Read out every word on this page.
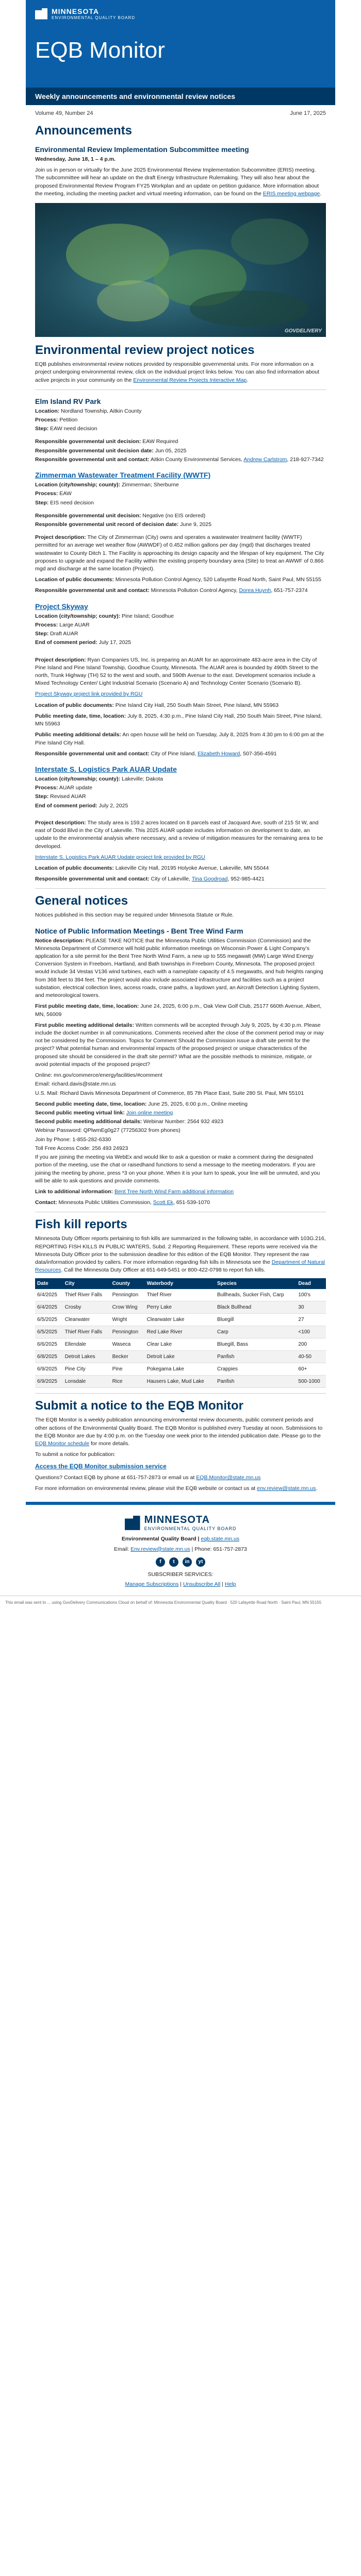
MINNESOTA
ENVIRONMENTAL QUALITY BOARD
EQB Monitor
Weekly announcements and environmental review notices
Volume 49, Number 24	June 17, 2025
Announcements
Environmental Review Implementation Subcommittee meeting

Wednesday, June 18, 1 – 4 p.m.

Join us in person or virtually for the June 2025 Environmental Review Implementation Subcommittee (ERIS) meeting. The subcommittee will hear an update on the draft Energy Infrastructure Rulemaking. They will also hear about the proposed Environmental Review Program FY25 Workplan and an update on petition guidance. More information about the meeting, including the meeting packet and virtual meeting information, can be found on the ERIS meeting webpage.

GOVDELIVERY
Environmental review project notices

EQB publishes environmental review notices provided by responsible governmental units. For more information on a project undergoing environmental review, click on the individual project links below. You can also find information about active projects in your community on the Environmental Review Projects Interactive Map.

Elm Island RV Park
Location: Nordland Township, Aitkin County
Process: Petition
Step: EAW need decision
Responsible governmental unit decision: EAW Required
Responsible governmental unit decision date: Jun 05, 2025
Responsible governmental unit and contact: Aitkin County Environmental Services, Andrew Carlstrom, 218-927-7342
Zimmerman Wastewater Treatment Facility (WWTF)
Location (city/township; county): Zimmerman; Sherburne
Process: EAW
Step: EIS need decision
Responsible governmental unit decision: Negative (no EIS ordered)
Responsible governmental unit record of decision date: June 9, 2025

Project description: The City of Zimmerman (City) owns and operates a wastewater treatment facility (WWTF) permitted for an average wet weather flow (AWWDF) of 0.452 million gallons per day (mgd) that discharges treated wastewater to County Ditch 1. The Facility is approaching its design capacity and the lifespan of key equipment. The City proposes to upgrade and expand the Facility within the existing property boundary area (Site) to treat an AWWF of 0.866 mgd and discharge at the same location (Project).

Location of public documents: Minnesota Pollution Control Agency, 520 Lafayette Road North, Saint Paul, MN 55155
Responsible governmental unit and contact: Minnesota Pollution Control Agency, Dorea Huynh, 651-757-2374
Project Skyway
Location (city/township; county): Pine Island; Goodhue
Process: Large AUAR
Step: Draft AUAR
End of comment period: July 17, 2025

Project description: Ryan Companies US, Inc. is preparing an AUAR for an approximate 483-acre area in the City of Pine Island and Pine Island Township, Goodhue County, Minnesota. The AUAR area is bounded by 490th Street to the north, Trunk Highway (TH) 52 to the west and south, and 590th Avenue to the east. Development scenarios include a Mixed Technology Center/ Light Industrial Scenario (Scenario A) and Technology Center Scenario (Scenario B).

Project Skyway project link provided by RGU

Location of public documents: Pine Island City Hall, 250 South Main Street, Pine Island, MN 55963
Public meeting date, time, location: July 8, 2025, 4:30 p.m., Pine Island City Hall, 250 South Main Street, Pine Island, MN 55963
Public meeting additional details: An open house will be held on Tuesday, July 8, 2025 from 4:30 pm to 6:00 pm at the Pine Island City Hall.
Responsible governmental unit and contact: City of Pine Island, Elizabeth Howard, 507-356-4591
Interstate S. Logistics Park AUAR Update
Location (city/township; county): Lakeville; Dakota
Process: AUAR update
Step: Revised AUAR
End of comment period: July 2, 2025

Project description: The study area is 159.2 acres located on 8 parcels east of Jacquard Ave, south of 215 St W, and east of Dodd Blvd in the City of Lakeville. This 2025 AUAR update includes information on development to date, an update to the environmental analysis where necessary, and a review of mitigation measures for the remaining area to be developed.

Interstate S. Logistics Park AUAR Update project link provided by RGU

Location of public documents: Lakeville City Hall, 20195 Holyoke Avenue, Lakeville, MN 55044
Responsible governmental unit and contact: City of Lakeville, Tina Goodroad, 952-985-4421
General notices

Notices published in this section may be required under Minnesota Statute or Rule.

Notice of Public Information Meetings - Bent Tree Wind Farm

Notice description: PLEASE TAKE NOTICE that the Minnesota Public Utilities Commission (Commission) and the Minnesota Department of Commerce will hold public information meetings on Wisconsin Power & Light Company’s application for a site permit for the Bent Tree North Wind Farm, a new up to 555 megawatt (MW) Large Wind Energy Conversion System in Freeborn, Hartland, and Bath townships in Freeborn County, Minnesota. The proposed project would include 34 Vestas V136 wind turbines, each with a nameplate capacity of 4.5 megawatts, and hub heights ranging from 368 feet to 394 feet. The project would also include associated infrastructure and facilities such as a project substation, electrical collection lines, access roads, crane paths, a laydown yard, an Aircraft Detection Lighting System, and meteorological towers.

First public meeting date, time, location: June 24, 2025, 6:00 p.m., Oak View Golf Club, 25177 660th Avenue, Albert, MN, 56009

First public meeting additional details: Written comments will be accepted through July 9, 2025, by 4:30 p.m. Please include the docket number in all communications. Comments received after the close of the comment period may or may not be considered by the Commission. Topics for Comment Should the Commission issue a draft site permit for the project? What potential human and environmental impacts of the proposed project or unique characteristics of the proposed site should be considered in the draft site permit? What are the possible methods to minimize, mitigate, or avoid potential impacts of the proposed project?

Online: mn.gov/commerce/energyfacilities/#comment
Email: richard.davis@state.mn.us

U.S. Mail: Richard Davis Minnesota Department of Commerce, 85 7th Place East, Suite 280 St. Paul, MN 55101

Second public meeting date, time, location: June 25, 2025, 6:00 p.m., Online meeting
Second public meeting virtual link: Join online meeting
Second public meeting additional details: Webinar Number: 2564 932 4923
Webinar Password: QPlwmEg0g27 (77256302 from phones)
Join by Phone: 1-855-282-6330
Toll Free Access Code: 256 493 24923

If you are joining the meeting via WebEx and would like to ask a question or make a comment during the designated portion of the meeting, use the chat or raisedhand functions to send a message to the meeting moderators. If you are joining the meeting by phone, press *3 on your phone. When it is your turn to speak, your line will be unmuted, and you will be able to ask questions and provide comments.

Link to additional information: Bent Tree North Wind Farm additional information

Contact: Minnesota Public Utilities Commission, Scott Ek, 651-539-1070

Fish kill reports

Minnesota Duty Officer reports pertaining to fish kills are summarized in the following table, in accordance with 103G.216, REPORTING FISH KILLS IN PUBLIC WATERS, Subd. 2 Reporting Requirement. These reports were received via the Minnesota Duty Officer prior to the submission deadline for this edition of the EQB Monitor. They represent the raw data/information provided by callers. For more information regarding fish kills in Minnesota see the Department of Natural Resources. Call the Minnesota Duty Officer at 651-649-5451 or 800-422-0798 to report fish kills.

Date	City	County	Waterbody	Species	Dead
6/4/2025	Thief River Falls	Pennington	Thief River	Bullheads, Sucker Fish, Carp	100's
6/4/2025	Crosby	Crow Wing	Perry Lake	Black Bullhead	30
6/5/2025	Clearwater	Wright	Clearwater Lake	Bluegill	27
6/5/2025	Thief River Falls	Pennington	Red Lake River	Carp	<100
6/6/2025	Ellendale	Waseca	Clear Lake	Bluegill, Bass	200
6/8/2025	Detroit Lakes	Becker	Detroit Lake	Panfish	40-50
6/9/2025	Pine City	Pine	Pokegama Lake	Crappies	60+
6/9/2025	Lonsdale	Rice	Hausers Lake, Mud Lake	Panfish	500-1000
Submit a notice to the EQB Monitor

The EQB Monitor is a weekly publication announcing environmental review documents, public comment periods and other actions of the Environmental Quality Board. The EQB Monitor is published every Tuesday at noon. Submissions to the EQB Monitor are due by 4:00 p.m. on the Tuesday one week prior to the intended publication date. Please go to the EQB Monitor schedule for more details.

To submit a notice for publication:

Access the EQB Monitor submission service

Questions? Contact EQB by phone at 651-757-2873 or email us at EQB.Monitor@state.mn.us

For more information on environmental review, please visit the EQB website or contact us at env.review@state.mn.us.

MINNESOTA
ENVIRONMENTAL QUALITY BOARD

Environmental Quality Board | eqb.state.mn.us

Email: Env.review@state.mn.us | Phone: 651-757-2873

f	t	in	yt

SUBSCRIBER SERVICES:

Manage Subscriptions | Unsubscribe All | Help

This email was sent to ... using GovDelivery Communications Cloud on behalf of: Minnesota Environmental Quality Board · 520 Lafayette Road North · Saint Paul, MN 55155
